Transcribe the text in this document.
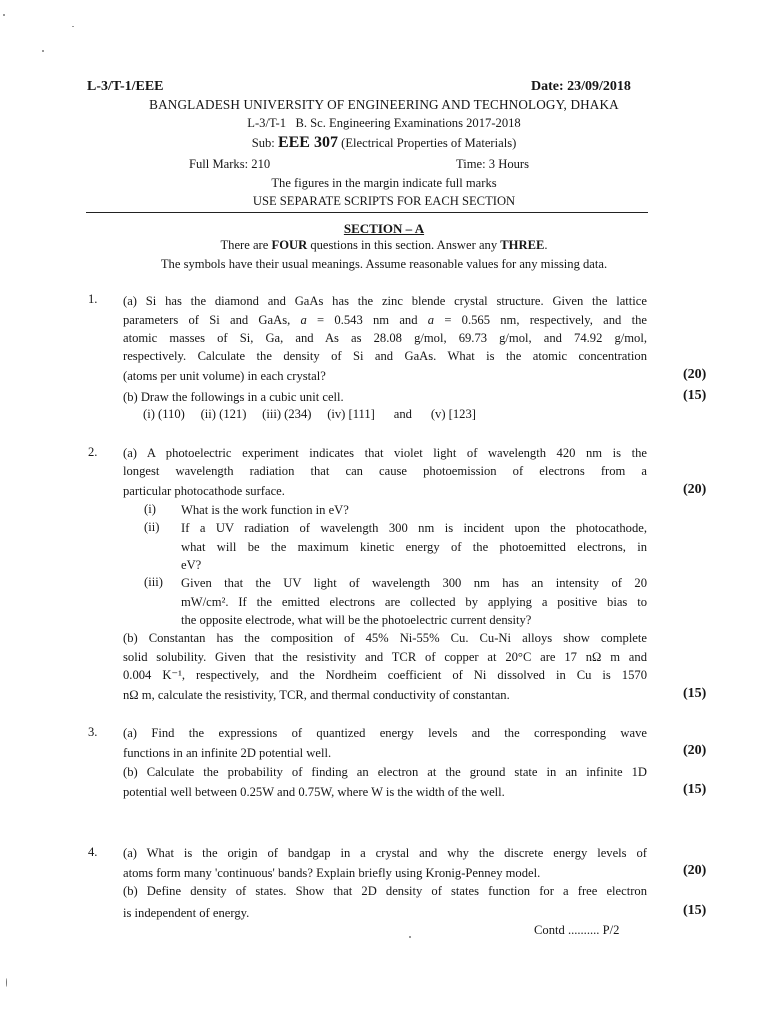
L-3/T-1/EEE	Date: 23/09/2018
BANGLADESH UNIVERSITY OF ENGINEERING AND TECHNOLOGY, DHAKA
L-3/T-1 B. Sc. Engineering Examinations 2017-2018
Sub: EEE 307 (Electrical Properties of Materials)
Full Marks: 210	Time: 3 Hours
The figures in the margin indicate full marks
USE SEPARATE SCRIPTS FOR EACH SECTION
SECTION – A
There are FOUR questions in this section. Answer any THREE.
The symbols have their usual meanings. Assume reasonable values for any missing data.
1. (a) Si has the diamond and GaAs has the zinc blende crystal structure. Given the lattice
parameters of Si and GaAs, a = 0.543 nm and a = 0.565 nm, respectively, and the
atomic masses of Si, Ga, and As as 28.08 g/mol, 69.73 g/mol, and 74.92 g/mol,
respectively. Calculate the density of Si and GaAs. What is the atomic concentration
(atoms per unit volume) in each crystal?	(20)
(b) Draw the followings in a cubic unit cell.	(15)
(i) (110)     (ii) (121)     (iii) (234)     (iv) [111]      and      (v) [123]
2. (a) A photoelectric experiment indicates that violet light of wavelength 420 nm is the
longest wavelength radiation that can cause photoemission of electrons from a
particular photocathode surface.	(20)
(i) What is the work function in eV?
(ii) If a UV radiation of wavelength 300 nm is incident upon the photocathode,
what will be the maximum kinetic energy of the photoemitted electrons, in
eV?
(iii) Given that the UV light of wavelength 300 nm has an intensity of 20
mW/cm². If the emitted electrons are collected by applying a positive bias to
the opposite electrode, what will be the photoelectric current density?
(b) Constantan has the composition of 45% Ni-55% Cu. Cu-Ni alloys show complete
solid solubility. Given that the resistivity and TCR of copper at 20°C are 17 nΩ m and
0.004 K⁻¹, respectively, and the Nordheim coefficient of Ni dissolved in Cu is 1570
nΩ m, calculate the resistivity, TCR, and thermal conductivity of constantan.	(15)
3. (a) Find the expressions of quantized energy levels and the corresponding wave
functions in an infinite 2D potential well.	(20)
(b) Calculate the probability of finding an electron at the ground state in an infinite 1D
potential well between 0.25W and 0.75W, where W is the width of the well.	(15)
4. (a) What is the origin of bandgap in a crystal and why the discrete energy levels of
atoms form many 'continuous' bands? Explain briefly using Kronig-Penney model.	(20)
(b) Define density of states. Show that 2D density of states function for a free electron
is independent of energy.	(15)
Contd .......... P/2
